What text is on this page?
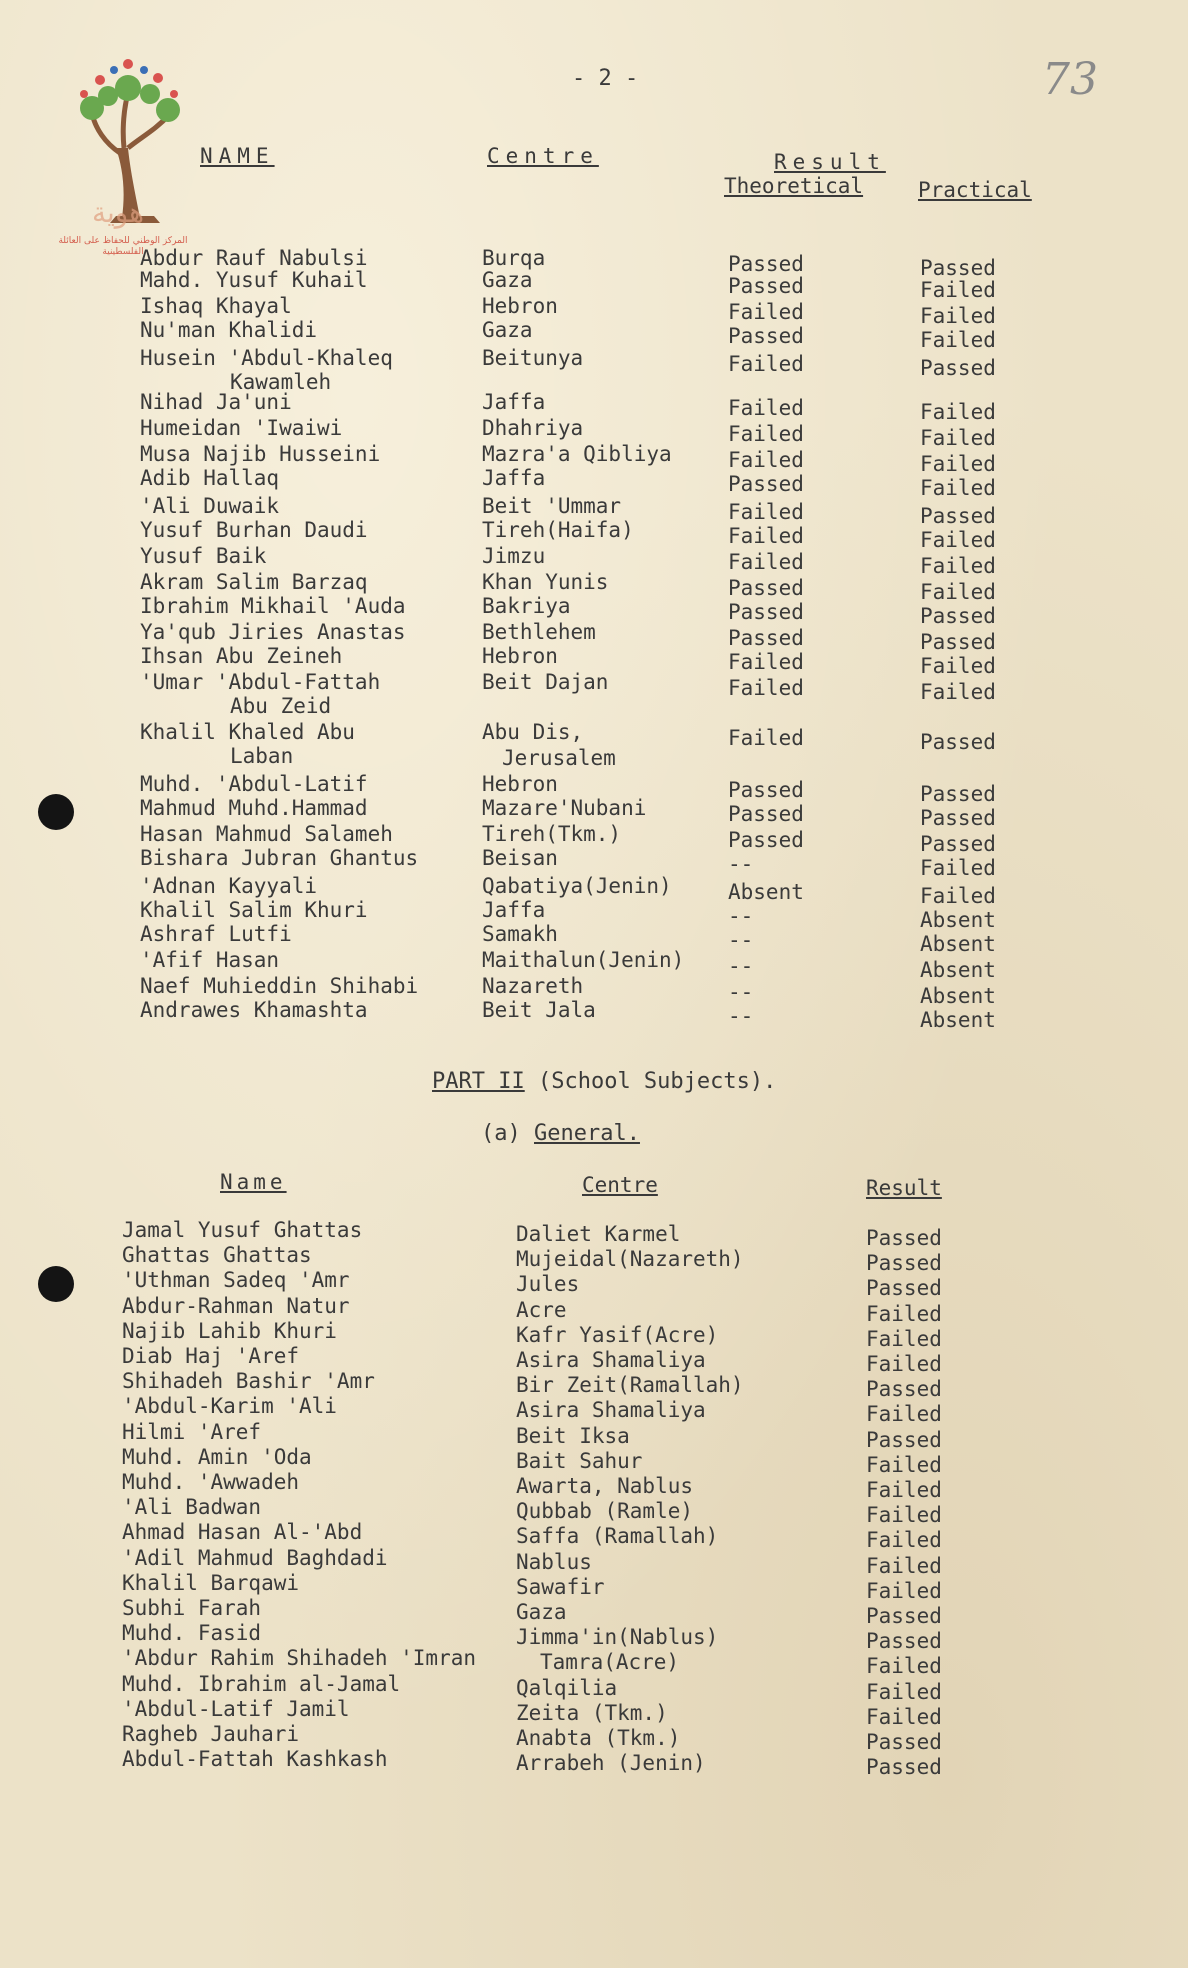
هوية
المركز الوطني للحفاظ على العائلة الفلسطينية
- 2 -	73
NAME	Centre	Result
Theoretical	Practical
Abdur Rauf Nabulsi	Burqa	Passed	Passed
Mahd. Yusuf Kuhail	Gaza	Passed	Failed
Ishaq Khayal	Hebron	Failed	Failed
Nu'man Khalidi	Gaza	Passed	Failed
Husein 'Abdul-Khaleq	Beitunya	Failed	Passed
Kawamleh
Nihad Ja'uni	Jaffa	Failed	Failed
Humeidan 'Iwaiwi	Dhahriya	Failed	Failed
Musa Najib Husseini	Mazra'a Qibliya	Failed	Failed
Adib Hallaq	Jaffa	Passed	Failed
'Ali Duwaik	Beit 'Ummar	Failed	Passed
Yusuf Burhan Daudi	Tireh(Haifa)	Failed	Failed
Yusuf Baik	Jimzu	Failed	Failed
Akram Salim Barzaq	Khan Yunis	Passed	Failed
Ibrahim Mikhail 'Auda	Bakriya	Passed	Passed
Ya'qub Jiries Anastas	Bethlehem	Passed	Passed
Ihsan Abu Zeineh	Hebron	Failed	Failed
'Umar 'Abdul-Fattah	Beit Dajan	Failed	Failed
Abu Zeid
Khalil Khaled Abu	Abu Dis,	Failed	Passed
Laban	Jerusalem
Muhd. 'Abdul-Latif	Hebron	Passed	Passed
Mahmud Muhd.Hammad	Mazare'Nubani	Passed	Passed
Hasan Mahmud Salameh	Tireh(Tkm.)	Passed	Passed
Bishara Jubran Ghantus	Beisan	--	Failed
'Adnan Kayyali	Qabatiya(Jenin)	Absent	Failed
Khalil Salim Khuri	Jaffa	--	Absent
Ashraf Lutfi	Samakh	--	Absent
'Afif Hasan	Maithalun(Jenin) --	Absent
Naef Muhieddin Shihabi	Nazareth	--	Absent
Andrawes Khamashta	Beit Jala	--	Absent
PART II (School Subjects).
(a) General.
Name	Centre	Result
Jamal Yusuf Ghattas	Daliet Karmel	Passed
Ghattas Ghattas	Mujeidal(Nazareth)	Passed
'Uthman Sadeq 'Amr	Jules	Passed
Abdur-Rahman Natur	Acre	Failed
Najib Lahib Khuri	Kafr Yasif(Acre)	Failed
Diab Haj 'Aref	Asira Shamaliya	Failed
Shihadeh Bashir 'Amr	Bir Zeit(Ramallah)	Passed
'Abdul-Karim 'Ali	Asira Shamaliya	Failed
Hilmi 'Aref	Beit Iksa	Passed
Muhd. Amin 'Oda	Bait Sahur	Failed
Muhd. 'Awwadeh	Awarta, Nablus	Failed
'Ali Badwan	Qubbab (Ramle)	Failed
Ahmad Hasan Al-'Abd	Saffa (Ramallah)	Failed
'Adil Mahmud Baghdadi	Nablus	Failed
Khalil Barqawi	Sawafir	Failed
Subhi Farah	Gaza	Passed
Muhd. Fasid	Jimma'in(Nablus)	Passed
'Abdur Rahim Shihadeh 'Imran	Tamra(Acre)	Failed
Muhd. Ibrahim al-Jamal	Qalqilia	Failed
'Abdul-Latif Jamil	Zeita (Tkm.)	Failed
Ragheb Jauhari	Anabta (Tkm.)	Passed
Abdul-Fattah Kashkash	Arrabeh (Jenin)	Passed
